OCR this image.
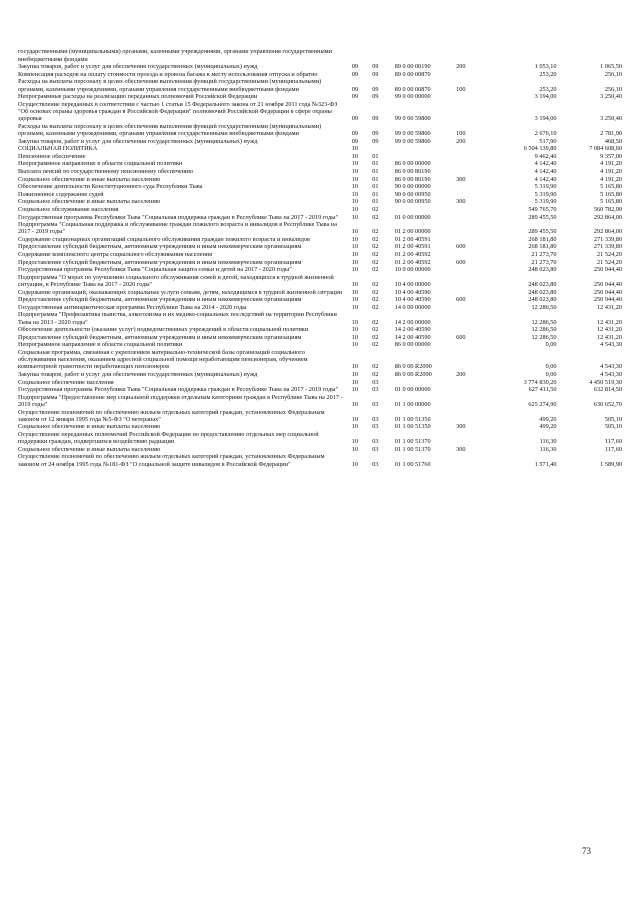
государственными (муниципальными) органами, казенными учреждениями, органами управления государственными внебюджетными фондами						
Закупка товаров, работ и услуг для обеспечения государственных (муниципальных) нужд	09	09	89 0 00 00190	200	1 053,10	1 065,50
Компенсация расходов на оплату стоимости проезда и провоза багажа к месту использования отпуска и обратно	09	09	89 0 00 00870		253,20	256,10
Расходы на выплаты персоналу в целях обеспечения выполнения функций государственными (муниципальными) органами, казенными учреждениями, органами управления государственными внебюджетными фондами	09	09	89 0 00 00870	100	253,20	256,10
Непрограммные расходы на реализацию переданных полномочий Российской Федерации	09	09	99 0 00 00000		3 194,00	3 250,40
Осуществление переданных в соответствии с частью 1 статьи 15 Федерального закона от 21 ноября 2011 года №323-ФЗ "Об основах охраны здоровья граждан в Российской Федерации" полномочий Российской Федерации в сфере охраны здоровья	09	09	99 0 00 59800		3 194,00	3 250,40
Расходы на выплаты персоналу в целях обеспечения выполнения функций государственными (муниципальными) органами, казенными учреждениями, органами управления государственными внебюджетными фондами	09	09	99 0 00 59800	100	2 676,10	2 781,90
Закупка товаров, работ и услуг для обеспечения государственных (муниципальных) нужд	09	09	99 0 00 59800	200	517,90	468,50
СОЦИАЛЬНАЯ ПОЛИТИКА	10				6 504 139,80	7 084 608,60
Пенсионное обеспечение	10	01			9 462,40	9 357,00
Непрограммное направление в области социальной политики	10	01	86 0 00 00000		4 142,40	4 191,20
Выплата пенсий по государственному пенсионному обеспечению	10	01	86 0 00 80190		4 142,40	4 191,20
Социальное обеспечение и иные выплаты населению	10	01	86 0 00 80190	300	4 142,40	4 191,20
Обеспечение деятельности Конституционного суда Республики Тыва	10	01	90 0 00 00000		5 319,90	5 165,80
Пожизненное содержание судей	10	01	90 0 00 00950		5 319,90	5 165,80
Социальное обеспечение и иные выплаты населению	10	01	90 0 00 00950	300	5 319,90	5 165,80
Социальное обслуживание населения	10	02			549 765,70	560 782,90
Государственная программа Республики Тыва "Социальная поддержка граждан в Республике Тыва на 2017 - 2019 годы"	10	02	01 0 00 00000		289 455,50	292 864,00
Подпрограмма "Социальная поддержка и обслуживание граждан пожилого возраста и инвалидов в Республике Тыва на 2017 - 2019 годы"	10	02	01 2 00 00000		289 455,50	292 864,00
Содержание стационарных организаций социального обслуживания граждан пожилого возраста и инвалидов	10	02	01 2 00 40591		268 181,80	271 339,80
Предоставление субсидий бюджетным, автономным учреждениям и иным некоммерческим организациям	10	02	01 2 00 40591	600	268 181,80	271 339,80
Содержание комплексного центра социального обслуживания населения	10	02	01 2 00 40592		21 273,70	21 524,20
Предоставление субсидий бюджетным, автономным учреждениям и иным некоммерческим организациям	10	02	01 2 00 40592	600	21 273,70	21 524,20
Государственная программа Республики Тыва "Социальная защита семьи и детей на 2017 - 2020 годы"	10	02	10 0 00 00000		248 023,80	250 944,40
Подпрограмма "О мерах по улучшению социального обслуживания семей и детей, находящихся в трудной жизненной ситуации, в Республике Тыва на 2017 - 2020 годы"	10	02	10 4 00 00000		248 023,80	250 944,40
Содержание организаций, оказывающих социальные услуги семьям, детям, находящимся в трудной жизненной ситуации	10	02	10 4 00 40590		248 023,80	250 944,40
Предоставление субсидий бюджетным, автономным учреждениям и иным некоммерческим организациям	10	02	10 4 00 40590	600	248 023,80	250 944,40
Государственная антинаркотическая программа Республики Тыва на 2014 - 2020 годы	10	02	14 0 00 00000		12 286,50	12 431,20
Подпрограмма "Профилактика пьянства, алкоголизма и их медико-социальных последствий на территории Республики Тыва на 2013 - 2020 годы"	10	02	14 2 00 00000		12 286,50	12 431,20
Обеспечение деятельности (оказание услуг) подведомственных учреждений в области социальной политики	10	02	14 2 00 40590		12 286,50	12 431,20
Предоставление субсидий бюджетным, автономным учреждениям и иным некоммерческим организациям	10	02	14 2 00 40590	600	12 286,50	12 431,20
Непрограммное направление в области социальной политики	10	02	86 0 00 00000		0,00	4 543,30
Социальная программа, связанная с укреплением материально-технической базы организаций социального обслуживания населения, оказанием адресной социальной помощи неработающим пенсионерам, обучением компьютерной грамотности неработающих пенсионеров	10	02	86 0 00 R2090		0,00	4 543,30
Закупка товаров, работ и услуг для обеспечения государственных (муниципальных) нужд	10	02	86 0 00 R2090	200	0,00	4 543,30
Социальное обеспечение населения	10	03			3 774 830,20	4 450 519,30
Государственная программа Республики Тыва "Социальная поддержка граждан в Республике Тыва на 2017 - 2019 годы"	10	03	01 0 00 00000		627 411,50	632 814,50
Подпрограмма "Предоставление мер социальной поддержки отдельным категориям граждан в Республике Тыва на 2017 - 2019 годы"	10	03	01 1 00 00000		625 274,90	630 652,70
Осуществление полномочий по обеспечению жильем отдельных категорий граждан, установленных Федеральным законом от 12 января 1995 года №5-ФЗ "О ветеранах"	10	03	01 1 00 51350		499,20	505,10
Социальное обеспечение и иные выплаты населению	10	03	01 1 00 51350	300	499,20	505,10
Осуществление переданных полномочий Российской Федерации по предоставлению отдельных мер социальной поддержки граждан, подвергшихся воздействию радиации	10	03	01 1 00 51370		116,30	117,60
Социальное обеспечение и иные выплаты населению	10	03	01 1 00 51370	300	116,30	117,60
Осуществление полномочий по обеспечению жильем отдельных категорий граждан, установленных Федеральным законом от 24 ноября 1995 года №181-ФЗ "О социальной защите инвалидов в Российской Федерации"	10	03	01 1 00 51760		1 571,40	1 589,90
73
